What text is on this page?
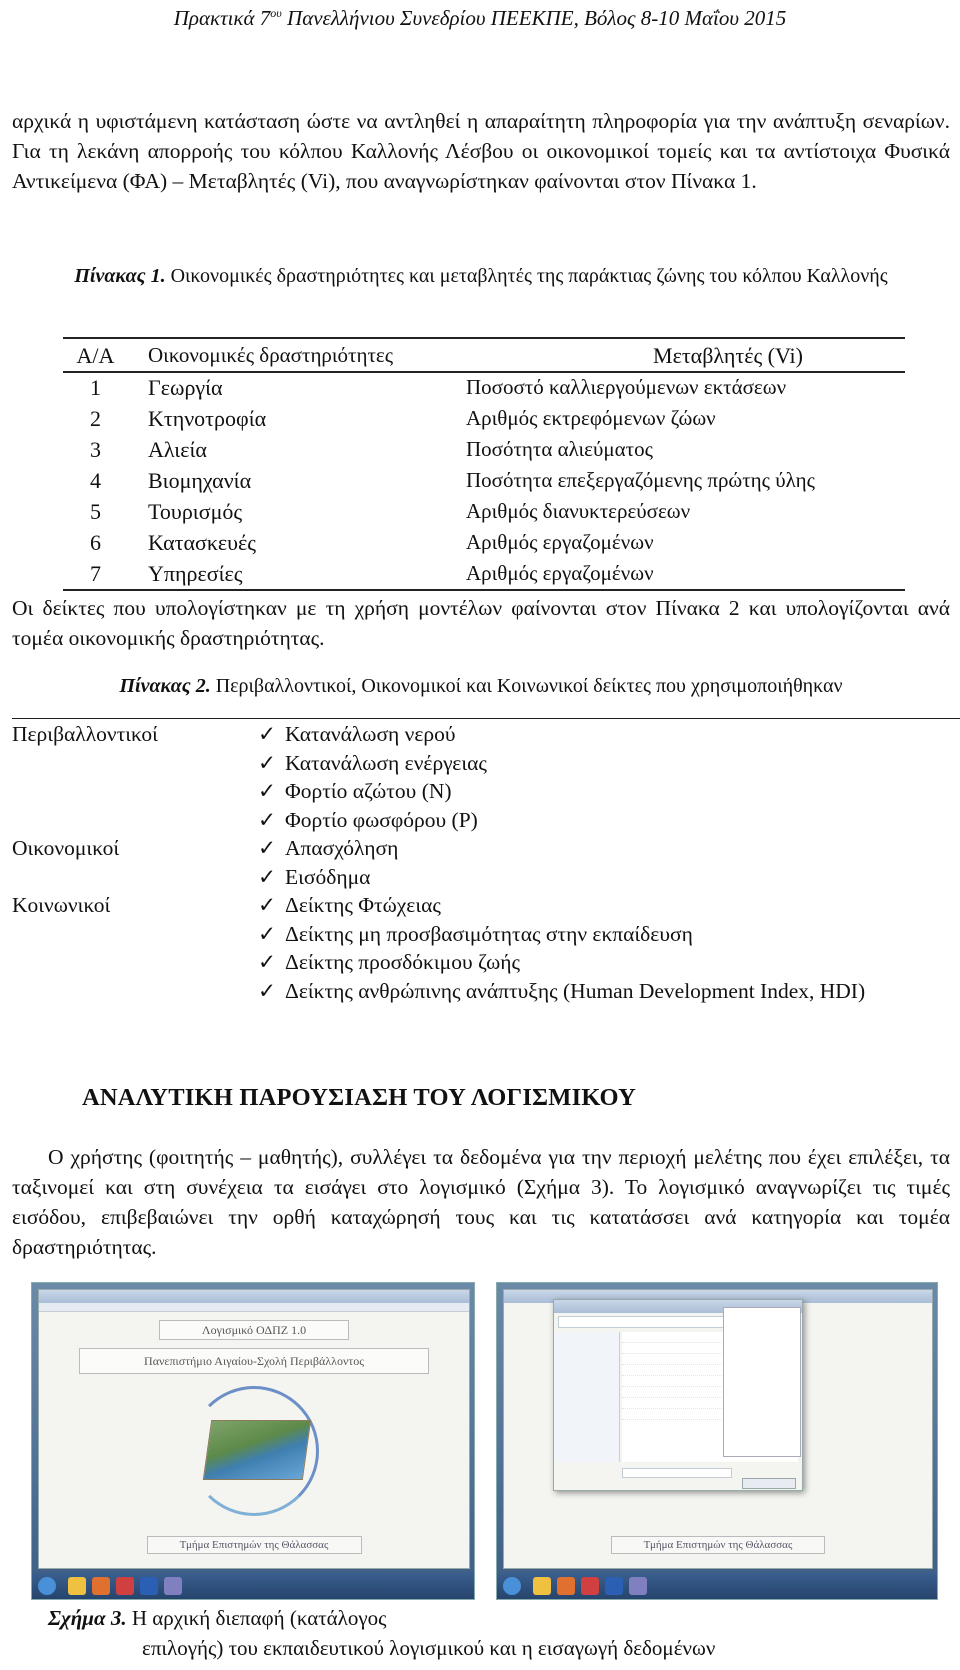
Πρακτικά $7^{o\upsilon}$ Πανελλήνιου Συνεδρίου ΠΕΕΚΠΕ, Βόλος 8-10 Μαΐου 2015
αρχικά η υφιστάμενη κατάσταση ώστε να αντληθεί η απαραίτητη πληροφορία για την ανάπτυξη σεναρίων. Για τη λεκάνη απορροής του κόλπου Καλλονής Λέσβου οι οικονομικοί τομείς και τα αντίστοιχα Φυσικά Αντικείμενα (ΦΑ) – Μεταβλητές (Vi), που αναγνωρίστηκαν φαίνονται στον Πίνακα 1.
Πίνακας 1. Οικονομικές δραστηριότητες και μεταβλητές της παράκτιας ζώνης του κόλπου Καλλονής
Α/Α	Οικονομικές δραστηριότητες	Μεταβλητές (Vi)
1	Γεωργία	Ποσοστό καλλιεργούμενων εκτάσεων
2	Κτηνοτροφία	Αριθμός εκτρεφόμενων ζώων
3	Αλιεία	Ποσότητα αλιεύματος
4	Βιομηχανία	Ποσότητα επεξεργαζόμενης πρώτης ύλης
5	Τουρισμός	Αριθμός διανυκτερεύσεων
6	Κατασκευές	Αριθμός εργαζομένων
7	Υπηρεσίες	Αριθμός εργαζομένων
Οι δείκτες που υπολογίστηκαν με τη χρήση μοντέλων φαίνονται στον Πίνακα 2 και υπολογίζονται ανά τομέα οικονομικής δραστηριότητας.
Πίνακας 2. Περιβαλλοντικοί, Οικονομικοί και Κοινωνικοί δείκτες που χρησιμοποιήθηκαν
Περιβαλλοντικοί	✓ Κατανάλωση νερού
✓ Κατανάλωση ενέργειας
✓ Φορτίο αζώτου (N)
✓ Φορτίο φωσφόρου (P)
Οικονομικοί	✓ Απασχόληση
✓ Εισόδημα
Κοινωνικοί	✓ Δείκτης Φτώχειας
✓ Δείκτης μη προσβασιμότητας στην εκπαίδευση
✓ Δείκτης προσδόκιμου ζωής
✓ Δείκτης ανθρώπινης ανάπτυξης (Human Development Index, HDI)
ΑΝΑΛΥΤΙΚΗ ΠΑΡΟΥΣΙΑΣΗ ΤΟΥ ΛΟΓΙΣΜΙΚΟΥ
Ο χρήστης (φοιτητής – μαθητής), συλλέγει τα δεδομένα για την περιοχή μελέτης που έχει επιλέξει, τα ταξινομεί και στη συνέχεια τα εισάγει στο λογισμικό (Σχήμα 3). Το λογισμικό αναγνωρίζει τις τιμές εισόδου, επιβεβαιώνει την ορθή καταχώρησή τους και τις κατατάσσει ανά κατηγορία και τομέα δραστηριότητας.
Λογισμικό ΟΔΠΖ 1.0
Πανεπιστήμιο Αιγαίου-Σχολή Περιβάλλοντος
Τμήμα Επιστημών της Θάλασσας	Τμήμα Επιστημών της Θάλασσας
Σχήμα 3. Η αρχική διεπαφή (κατάλογος
επιλογής) του εκπαιδευτικού λογισμικού και η εισαγωγή δεδομένων
